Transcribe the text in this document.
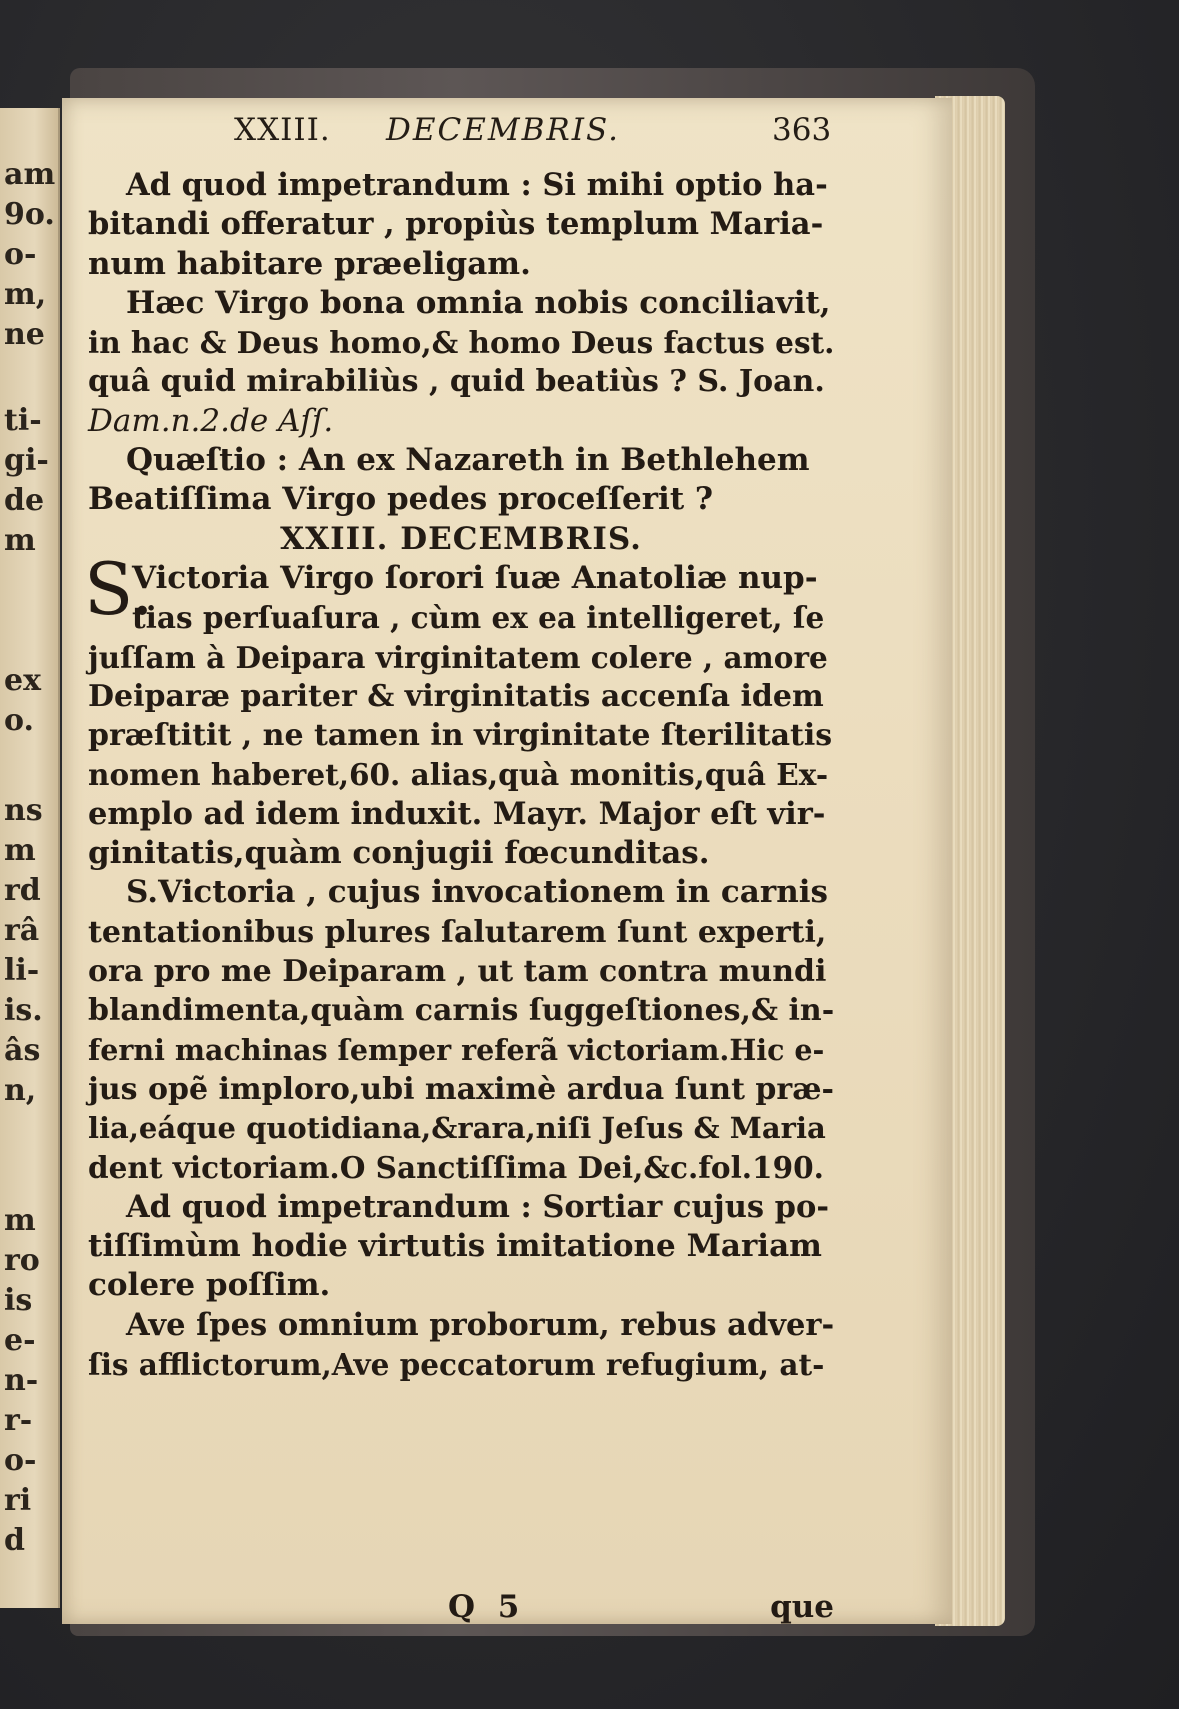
am
9o.
o-
m,
ne
ti-
gi-
de
m
ex
o.
ns
m
rd
râ
li-
is.
âs
n,
m
ro
is
e-
n-
r-
o-
ri
d
XXIII. DECEMBRIS.	363
Ad quod impetrandum : Si mihi optio ha-
bitandi offeratur , propiùs templum Maria-
num habitare præeligam.
Hæc Virgo bona omnia nobis conciliavit,
in hac & Deus homo,& homo Deus factus est.
quâ quid mirabiliùs , quid beatiùs ? S. Joan.
Dam.n.2.de Aſſ.
Quæſtio : An ex Nazareth in Bethlehem
Beatiſſima Virgo pedes proceſſerit ?
XXIII. DECEMBRIS.
S.
Victoria Virgo ſorori ſuæ Anatoliæ nup-
tias perſuaſura , cùm ex ea intelligeret, ſe
juſſam à Deipara virginitatem colere , amore
Deiparæ pariter & virginitatis accenſa idem
præſtitit , ne tamen in virginitate ſterilitatis
nomen haberet,60. alias,quà monitis,quâ Ex-
emplo ad idem induxit. Mayr. Major eſt vir-
ginitatis,quàm conjugii fœcunditas.
S.Victoria , cujus invocationem in carnis
tentationibus plures ſalutarem ſunt experti,
ora pro me Deiparam , ut tam contra mundi
blandimenta,quàm carnis ſuggeſtiones,& in-
ferni machinas ſemper referã victoriam.Hic e-
jus opẽ imploro,ubi maximè ardua ſunt præ-
lia,eáque quotidiana,&rara,niſi Jeſus & Maria
dent victoriam.O Sanctiſſima Dei,&c.fol.190.
Ad quod impetrandum : Sortiar cujus po-
tiſſimùm hodie virtutis imitatione Mariam
colere poſſim.
Ave ſpes omnium proborum, rebus adver-
ſis afflictorum,Ave peccatorum refugium, at-
Q 5	que
